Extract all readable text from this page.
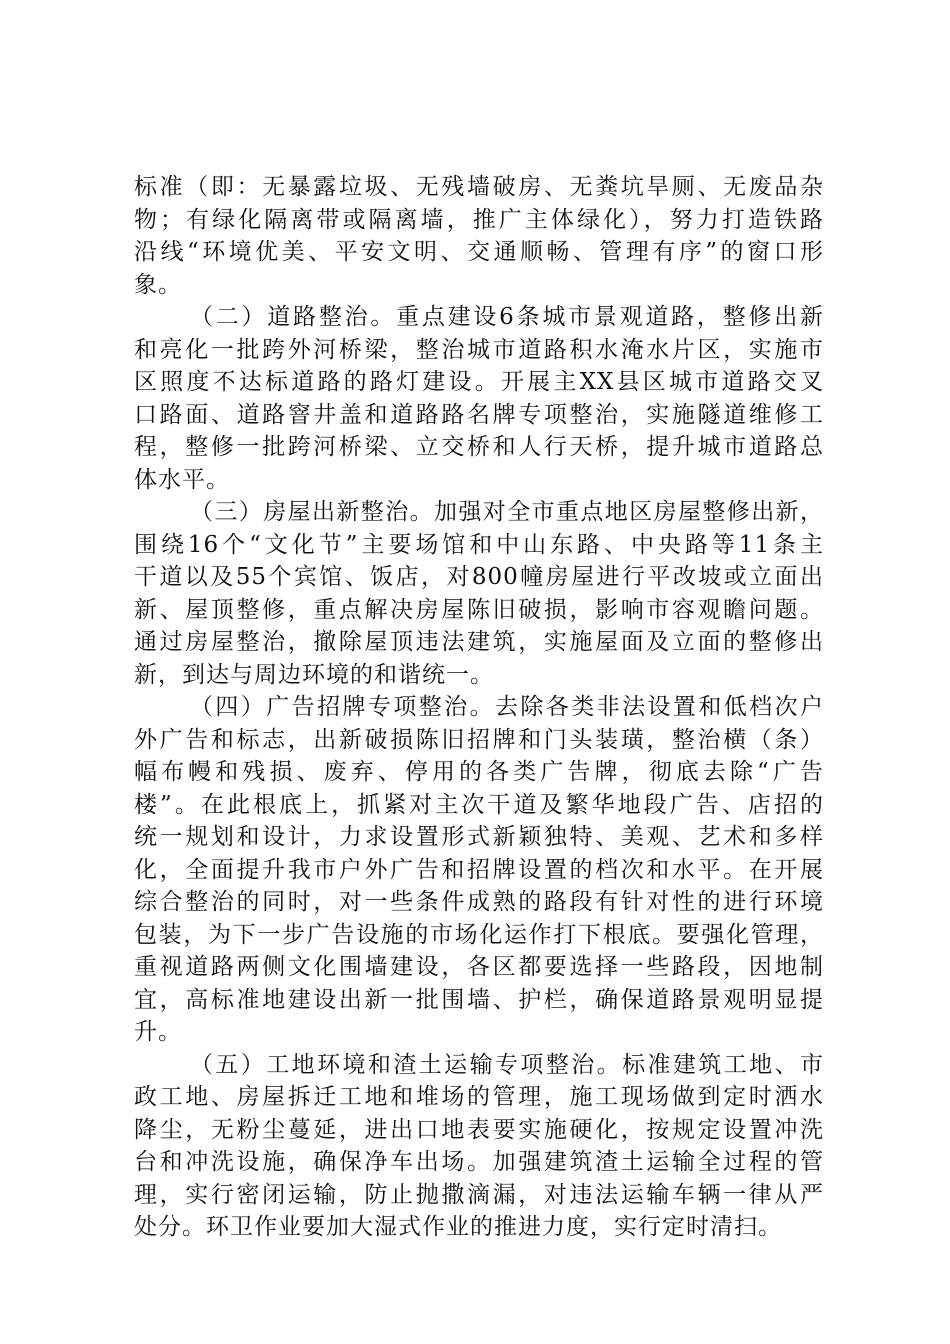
标准（即：无暴露垃圾、无残墙破房、无粪坑旱厕、无废品杂
物；有绿化隔离带或隔离墙，推广主体绿化），努力打造铁路
沿线“环境优美、平安文明、交通顺畅、管理有序”的窗口形
象。
（二）道路整治。重点建设6条城市景观道路，整修出新
和亮化一批跨外河桥梁，整治城市道路积水淹水片区，实施市
区照度不达标道路的路灯建设。开展主XX县区城市道路交叉
口路面、道路窨井盖和道路路名牌专项整治，实施隧道维修工
程，整修一批跨河桥梁、立交桥和人行天桥，提升城市道路总
体水平。
（三）房屋出新整治。加强对全市重点地区房屋整修出新，
围绕16个“文化节”主要场馆和中山东路、中央路等11条主
干道以及55个宾馆、饭店，对800幢房屋进行平改坡或立面出
新、屋顶整修，重点解决房屋陈旧破损，影响市容观瞻问题。
通过房屋整治，撤除屋顶违法建筑，实施屋面及立面的整修出
新，到达与周边环境的和谐统一。
（四）广告招牌专项整治。去除各类非法设置和低档次户
外广告和标志，出新破损陈旧招牌和门头装璜，整治横（条）
幅布幔和残损、废弃、停用的各类广告牌，彻底去除“广告
楼”。在此根底上，抓紧对主次干道及繁华地段广告、店招的
统一规划和设计，力求设置形式新颖独特、美观、艺术和多样
化，全面提升我市户外广告和招牌设置的档次和水平。在开展
综合整治的同时，对一些条件成熟的路段有针对性的进行环境
包装，为下一步广告设施的市场化运作打下根底。要强化管理，
重视道路两侧文化围墙建设，各区都要选择一些路段，因地制
宜，高标准地建设出新一批围墙、护栏，确保道路景观明显提
升。
（五）工地环境和渣土运输专项整治。标准建筑工地、市
政工地、房屋拆迁工地和堆场的管理，施工现场做到定时洒水
降尘，无粉尘蔓延，进出口地表要实施硬化，按规定设置冲洗
台和冲洗设施，确保净车出场。加强建筑渣土运输全过程的管
理，实行密闭运输，防止抛撒滴漏，对违法运输车辆一律从严
处分。环卫作业要加大湿式作业的推进力度，实行定时清扫。
